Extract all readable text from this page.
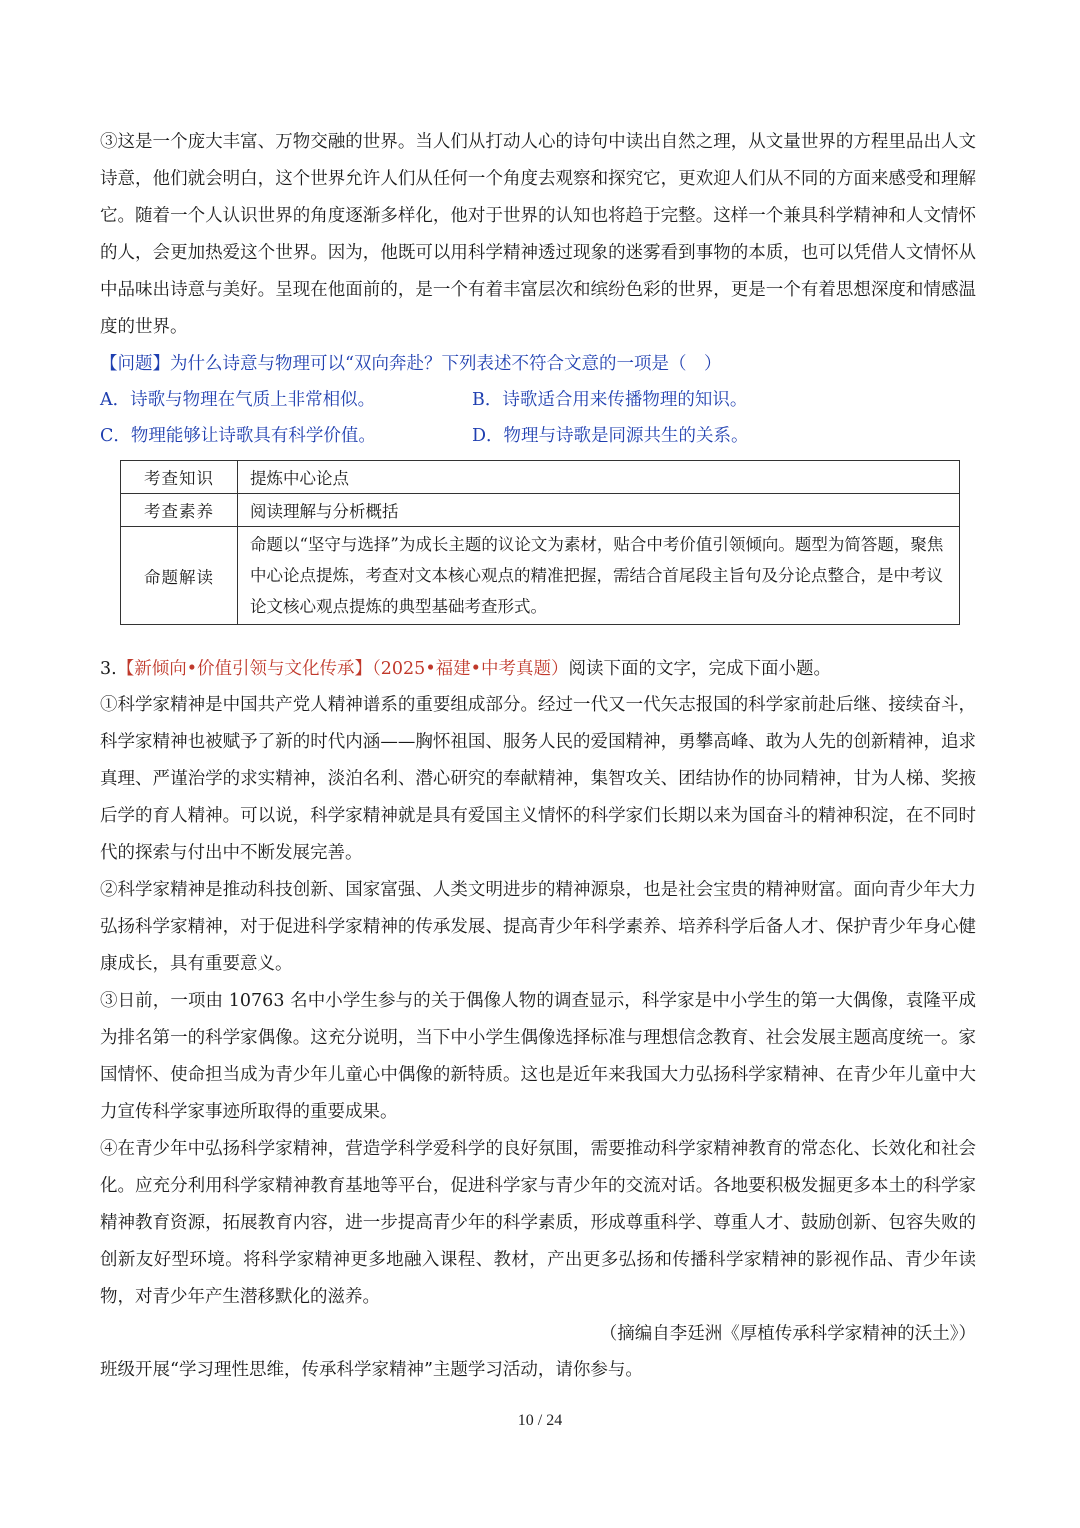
③这是一个庞大丰富、万物交融的世界。当人们从打动人心的诗句中读出自然之理，从文量世界的方程里品出人文诗意，他们就会明白，这个世界允许人们从任何一个角度去观察和探究它，更欢迎人们从不同的方面来感受和理解它。随着一个人认识世界的角度逐渐多样化，他对于世界的认知也将趋于完整。这样一个兼具科学精神和人文情怀的人，会更加热爱这个世界。因为，他既可以用科学精神透过现象的迷雾看到事物的本质，也可以凭借人文情怀从中品味出诗意与美好。呈现在他面前的，是一个有着丰富层次和缤纷色彩的世界，更是一个有着思想深度和情感温度的世界。

【问题】为什么诗意与物理可以“双向奔赴？下列表述不符合文意的一项是（　）

A．诗歌与物理在气质上非常相似。	B．诗歌适合用来传播物理的知识。
C．物理能够让诗歌具有科学价值。	D．物理与诗歌是同源共生的关系。
考查知识	提炼中心论点
考查素养	阅读理解与分析概括
命题解读	命题以“坚守与选择”为成长主题的议论文为素材，贴合中考价值引领倾向。题型为简答题，聚焦中心论点提炼，考查对文本核心观点的精准把握，需结合首尾段主旨句及分论点整合，是中考议论文核心观点提炼的典型基础考查形式。

3.【新倾向•价值引领与文化传承】（2025•福建•中考真题）阅读下面的文字，完成下面小题。

①科学家精神是中国共产党人精神谱系的重要组成部分。经过一代又一代矢志报国的科学家前赴后继、接续奋斗，科学家精神也被赋予了新的时代内涵——胸怀祖国、服务人民的爱国精神，勇攀高峰、敢为人先的创新精神，追求真理、严谨治学的求实精神，淡泊名利、潜心研究的奉献精神，集智攻关、团结协作的协同精神，甘为人梯、奖掖后学的育人精神。可以说，科学家精神就是具有爱国主义情怀的科学家们长期以来为国奋斗的精神积淀，在不同时代的探索与付出中不断发展完善。

②科学家精神是推动科技创新、国家富强、人类文明进步的精神源泉，也是社会宝贵的精神财富。面向青少年大力弘扬科学家精神，对于促进科学家精神的传承发展、提高青少年科学素养、培养科学后备人才、保护青少年身心健康成长，具有重要意义。

③日前，一项由 10763 名中小学生参与的关于偶像人物的调查显示，科学家是中小学生的第一大偶像，袁隆平成为排名第一的科学家偶像。这充分说明，当下中小学生偶像选择标准与理想信念教育、社会发展主题高度统一。家国情怀、使命担当成为青少年儿童心中偶像的新特质。这也是近年来我国大力弘扬科学家精神、在青少年儿童中大力宣传科学家事迹所取得的重要成果。

④在青少年中弘扬科学家精神，营造学科学爱科学的良好氛围，需要推动科学家精神教育的常态化、长效化和社会化。应充分利用科学家精神教育基地等平台，促进科学家与青少年的交流对话。各地要积极发掘更多本土的科学家精神教育资源，拓展教育内容，进一步提高青少年的科学素质，形成尊重科学、尊重人才、鼓励创新、包容失败的创新友好型环境。将科学家精神更多地融入课程、教材，产出更多弘扬和传播科学家精神的影视作品、青少年读物，对青少年产生潜移默化的滋养。

（摘编自李廷洲《厚植传承科学家精神的沃土》）

班级开展“学习理性思维，传承科学家精神”主题学习活动，请你参与。

10 / 24
